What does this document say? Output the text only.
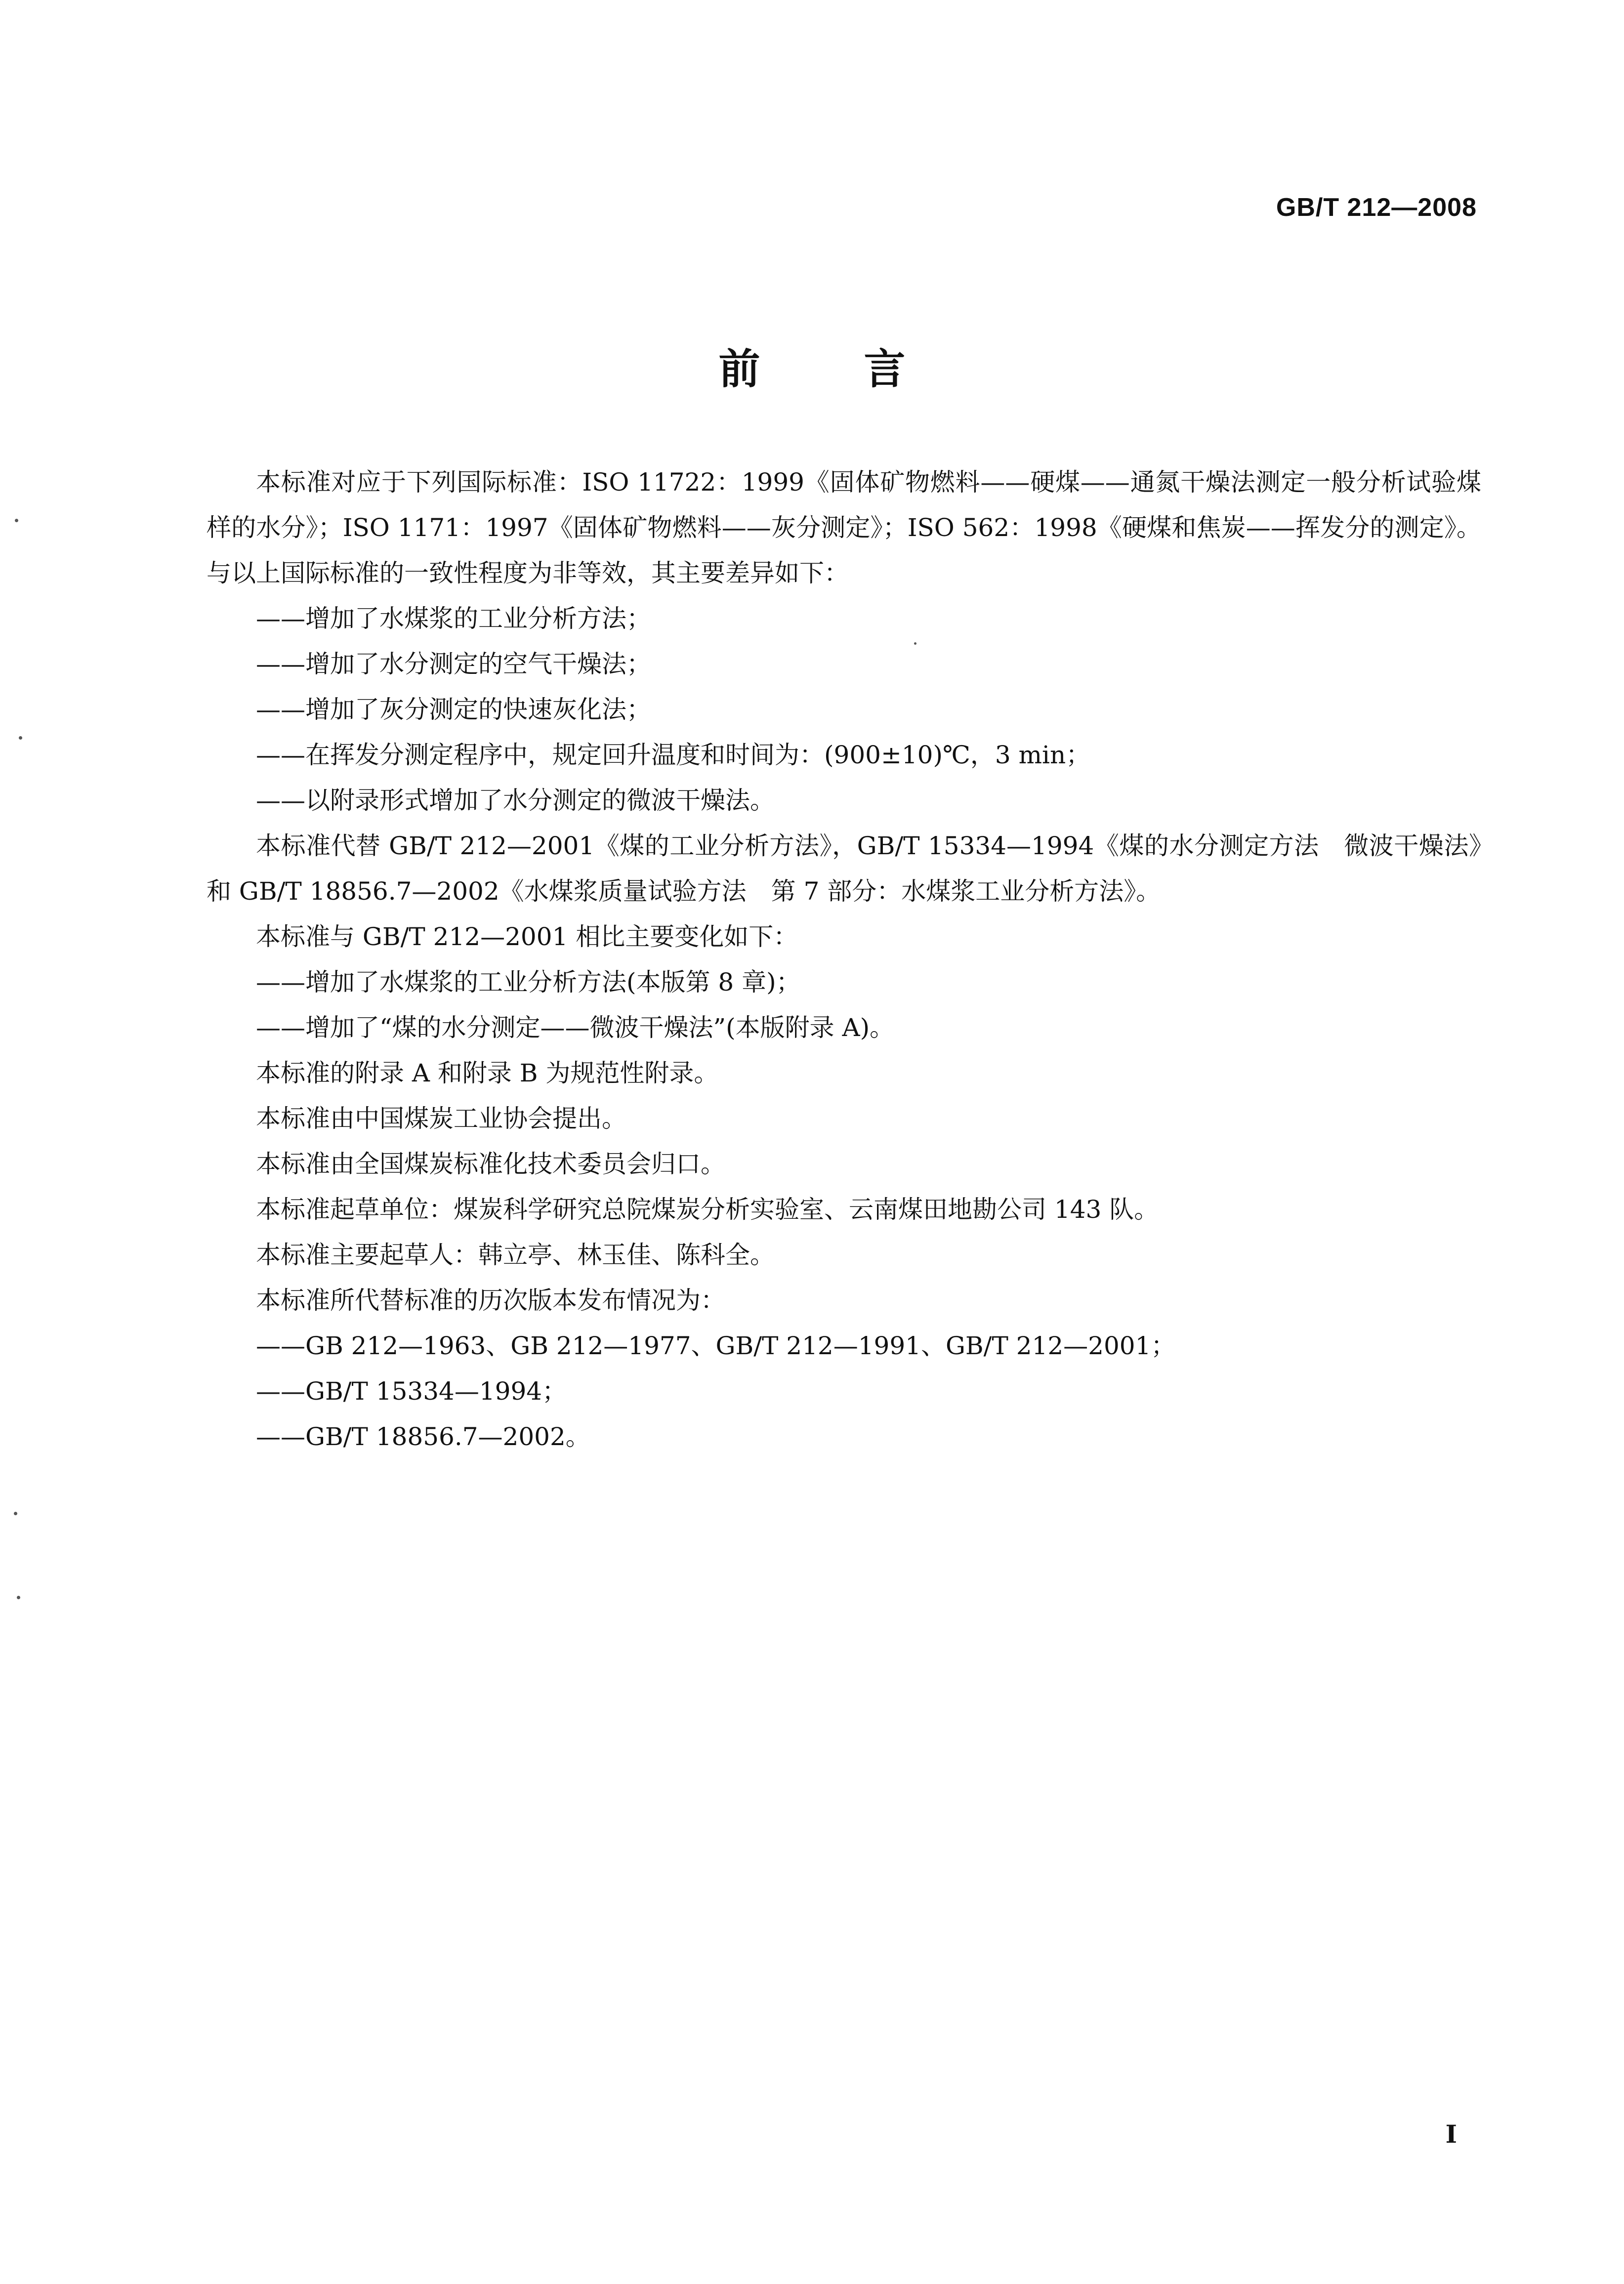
GB/T 212—2008
前言

本标准对应于下列国际标准：ISO 11722：1999《固体矿物燃料——硬煤——通氮干燥法测定一般分析试验煤样的水分》；ISO 1171：1997《固体矿物燃料——灰分测定》；ISO 562：1998《硬煤和焦炭——挥发分的测定》。与以上国际标准的一致性程度为非等效，其主要差异如下：

——增加了水煤浆的工业分析方法；

——增加了水分测定的空气干燥法；

——增加了灰分测定的快速灰化法；

——在挥发分测定程序中，规定回升温度和时间为：(900±10)℃，3 min；

——以附录形式增加了水分测定的微波干燥法。

本标准代替 GB/T 212—2001《煤的工业分析方法》，GB/T 15334—1994《煤的水分测定方法　微波干燥法》和 GB/T 18856.7—2002《水煤浆质量试验方法　第 7 部分：水煤浆工业分析方法》。

本标准与 GB/T 212—2001 相比主要变化如下：

——增加了水煤浆的工业分析方法(本版第 8 章)；

——增加了“煤的水分测定——微波干燥法”(本版附录 A)。

本标准的附录 A 和附录 B 为规范性附录。

本标准由中国煤炭工业协会提出。

本标准由全国煤炭标准化技术委员会归口。

本标准起草单位：煤炭科学研究总院煤炭分析实验室、云南煤田地勘公司 143 队。

本标准主要起草人：韩立亭、林玉佳、陈科全。

本标准所代替标准的历次版本发布情况为：

——GB 212—1963、GB 212—1977、GB/T 212—1991、GB/T 212—2001；

——GB/T 15334—1994；

——GB/T 18856.7—2002。

I
